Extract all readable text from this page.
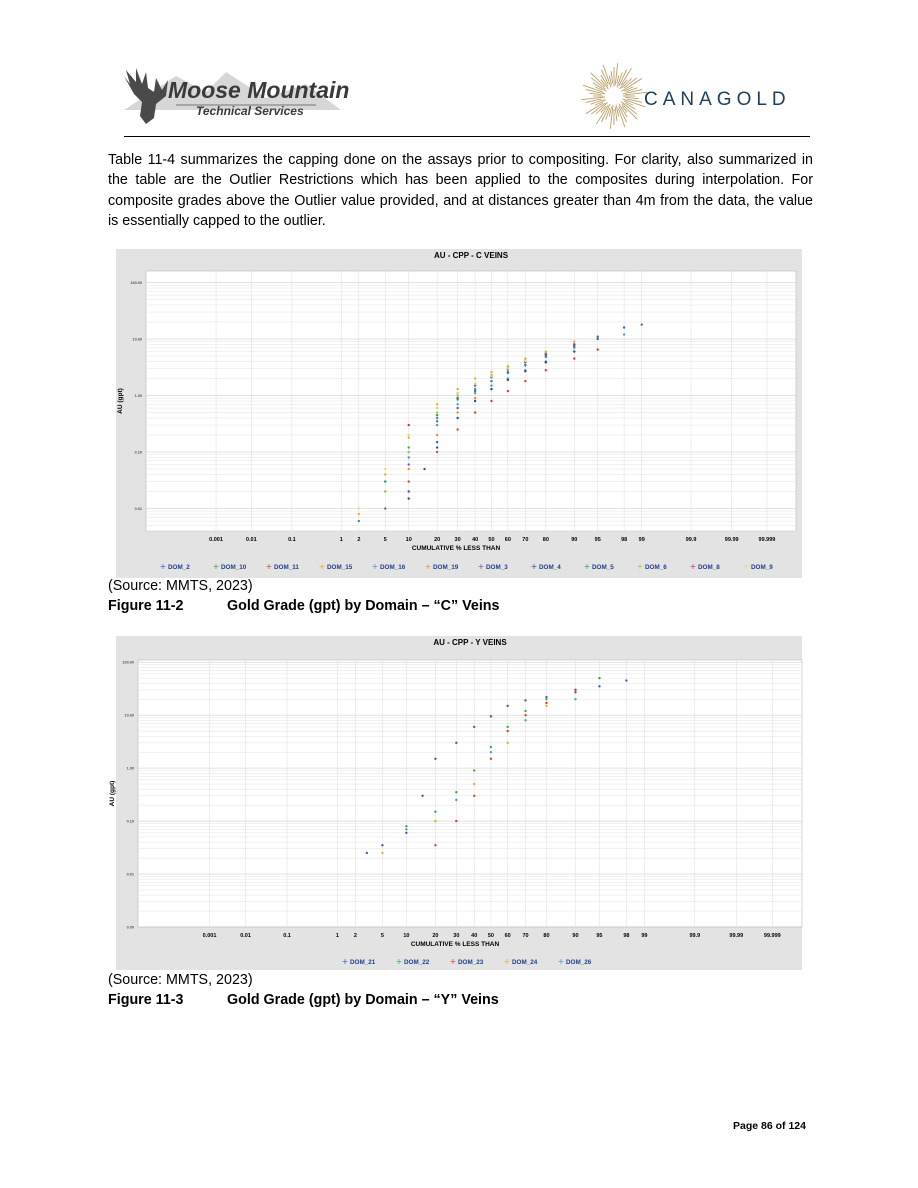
Moose Mountain
Technical Services
CANAGOLD

Table 11-4 summarizes the capping done on the assays prior to compositing. For clarity, also summarized in the table are the Outlier Restrictions which has been applied to the composites during interpolation. For composite grades above the Outlier value provided, and at distances greater than 4m from the data, the value is essentially capped to the outlier.

AU - CPP - C VEINS
0.001	0.01	0.1	1	2	5	10	20	30 40 50 60 70	80	90	95	98 99	99.9	99.99	99.999
100.00
10.00
1.00
0.10
0.01
CUMULATIVE % LESS THAN
AU (gpt)
+ DOM_2	+ DOM_10 + DOM_11 + DOM_15 + DOM_16 + DOM_19 + DOM_3	+ DOM_4	+ DOM_5	+ DOM_6	+ DOM_8	+ DOM_9

(Source: MMTS, 2023)

Figure 11-2	Gold Grade (gpt) by Domain – “C” Veins

AU - CPP - Y VEINS
0.001	0.01	0.1	1	2	5	10	20	30 40 50 60 70	80	90	95	98 99	99.9	99.99	99.999
100.00
10.00
1.00
0.10
0.01
0.00
CUMULATIVE % LESS THAN
AU (gpt)
+ DOM_21	+ DOM_22	+ DOM_23	+ DOM_24	+ DOM_26

(Source: MMTS, 2023)

Figure 11-3	Gold Grade (gpt) by Domain – “Y” Veins

Page 86 of 124
